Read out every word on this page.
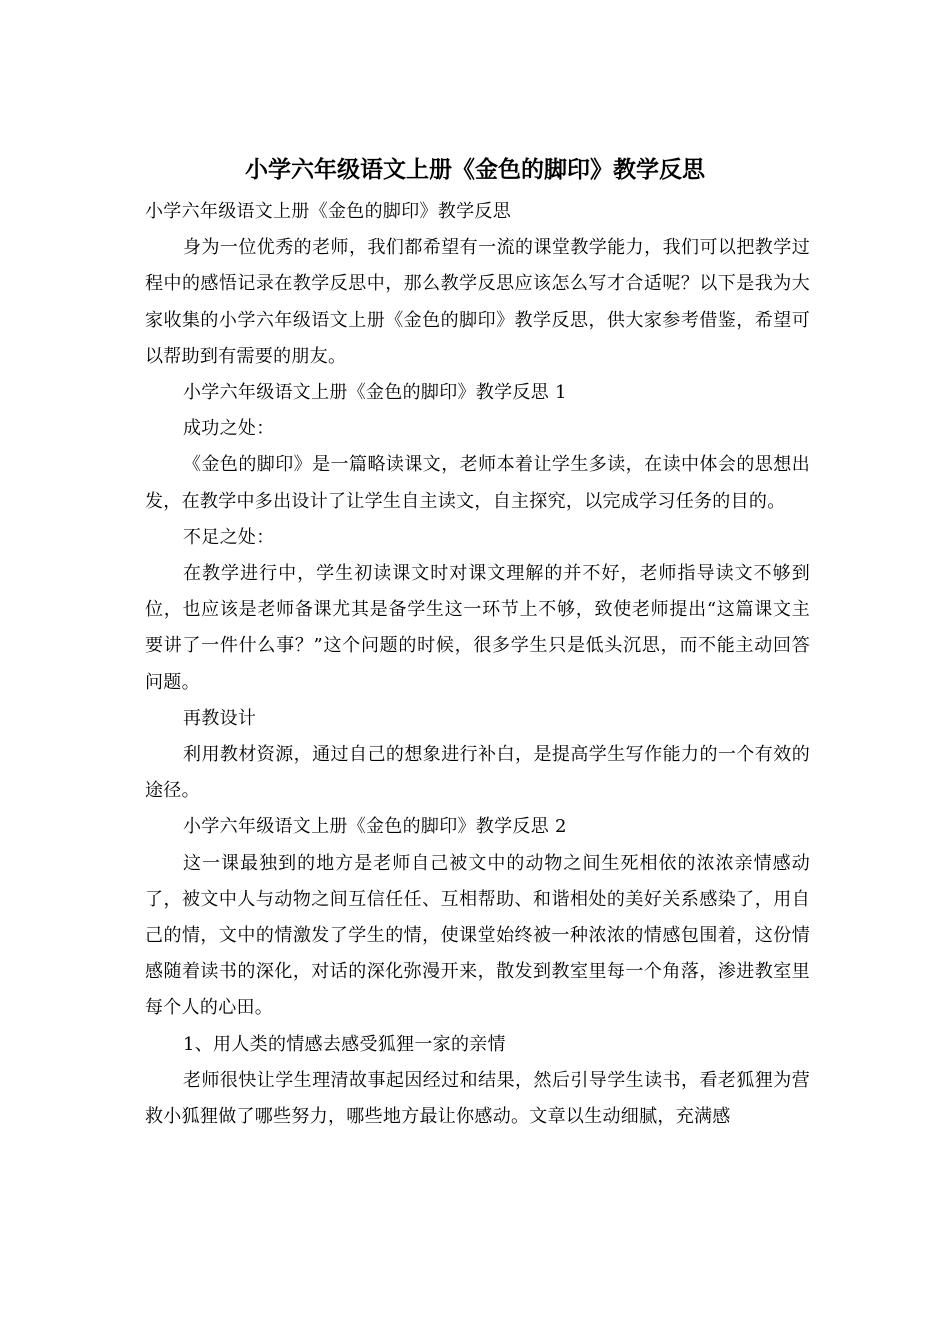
小学六年级语文上册《金色的脚印》教学反思

小学六年级语文上册《金色的脚印》教学反思

身为一位优秀的老师，我们都希望有一流的课堂教学能力，我们可以把教学过程中的感悟记录在教学反思中，那么教学反思应该怎么写才合适呢？以下是我为大家收集的小学六年级语文上册《金色的脚印》教学反思，供大家参考借鉴，希望可以帮助到有需要的朋友。

小学六年级语文上册《金色的脚印》教学反思 1

成功之处：

《金色的脚印》是一篇略读课文，老师本着让学生多读，在读中体会的思想出发，在教学中多出设计了让学生自主读文，自主探究，以完成学习任务的目的。

不足之处：

在教学进行中，学生初读课文时对课文理解的并不好，老师指导读文不够到位，也应该是老师备课尤其是备学生这一环节上不够，致使老师提出“这篇课文主要讲了一件什么事？”这个问题的时候，很多学生只是低头沉思，而不能主动回答问题。

再教设计

利用教材资源，通过自己的想象进行补白，是提高学生写作能力的一个有效的途径。

小学六年级语文上册《金色的脚印》教学反思 2

这一课最独到的地方是老师自己被文中的动物之间生死相依的浓浓亲情感动了，被文中人与动物之间互信任任、互相帮助、和谐相处的美好关系感染了，用自己的情，文中的情激发了学生的情，使课堂始终被一种浓浓的情感包围着，这份情感随着读书的深化，对话的深化弥漫开来，散发到教室里每一个角落，渗进教室里每个人的心田。

1、用人类的情感去感受狐狸一家的亲情

老师很快让学生理清故事起因经过和结果，然后引导学生读书，看老狐狸为营救小狐狸做了哪些努力，哪些地方最让你感动。文章以生动细腻，充满感
